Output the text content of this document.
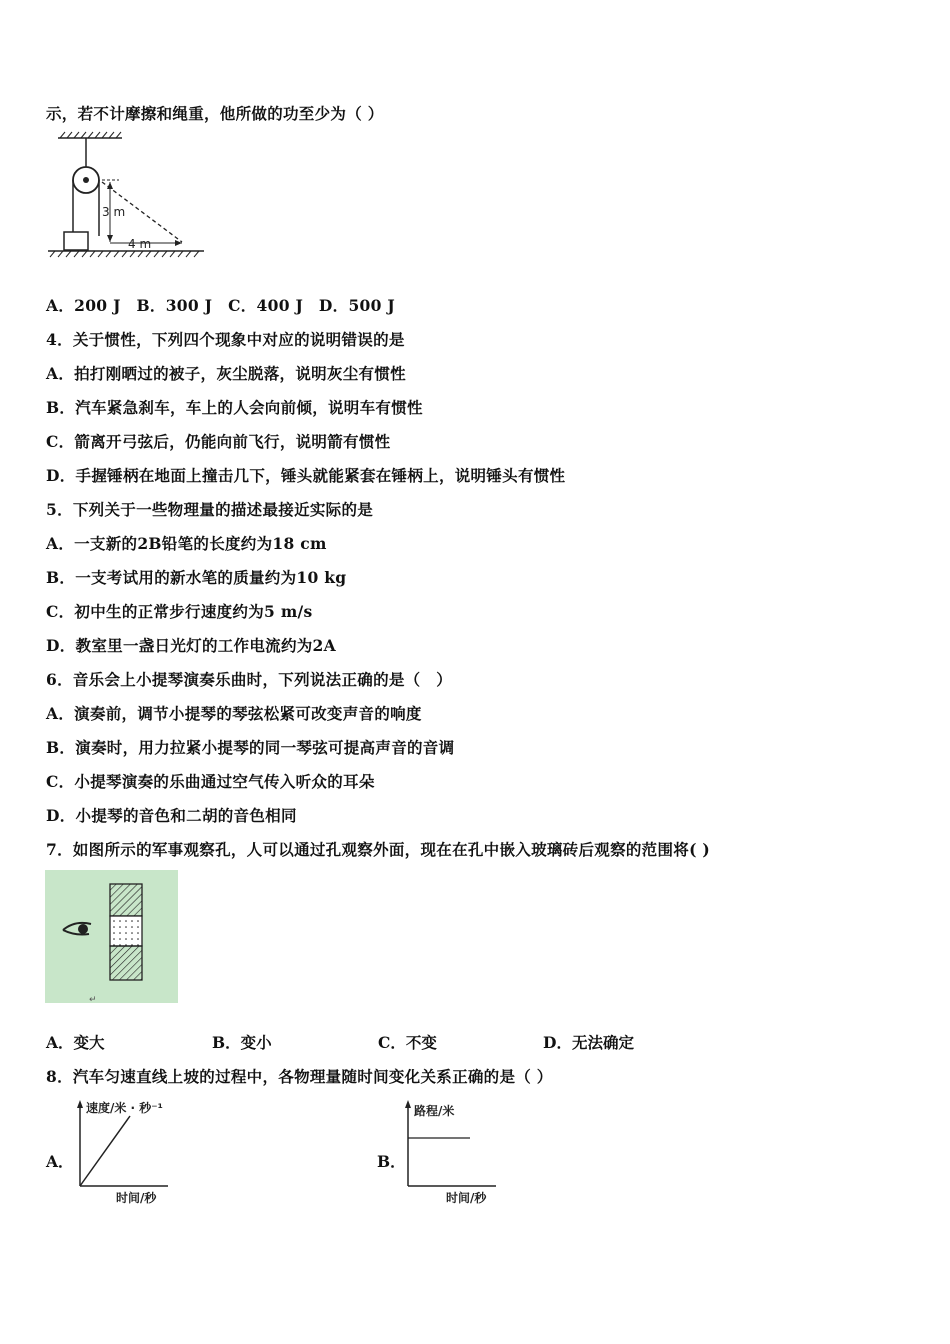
示，若不计摩擦和绳重，他所做的功至少为（ ）
3 m
4 m
A．200 J　B．300 J　C．400 J　D．500 J
4．关于惯性，下列四个现象中对应的说明错误的是
A．拍打刚晒过的被子，灰尘脱落，说明灰尘有惯性
B．汽车紧急刹车，车上的人会向前倾，说明车有惯性
C．箭离开弓弦后，仍能向前飞行，说明箭有惯性
D．手握锤柄在地面上撞击几下，锤头就能紧套在锤柄上，说明锤头有惯性
5．下列关于一些物理量的描述最接近实际的是
A．一支新的2B铅笔的长度约为18 cm
B．一支考试用的新水笔的质量约为10 kg
C．初中生的正常步行速度约为5 m/s
D．教室里一盏日光灯的工作电流约为2A
6．音乐会上小提琴演奏乐曲时，下列说法正确的是（　）
A．演奏前，调节小提琴的琴弦松紧可改变声音的响度
B．演奏时，用力拉紧小提琴的同一琴弦可提高声音的音调
C．小提琴演奏的乐曲通过空气传入听众的耳朵
D．小提琴的音色和二胡的音色相同
7．如图所示的军事观察孔，人可以通过孔观察外面，现在在孔中嵌入玻璃砖后观察的范围将( )
↵
A．变大	B．变小	C．不变	D．无法确定
8．汽车匀速直线上坡的过程中，各物理量随时间变化关系正确的是（ ）
A．
速度/米 · 秒⁻¹
时间/秒
B．
路程/米
时间/秒
